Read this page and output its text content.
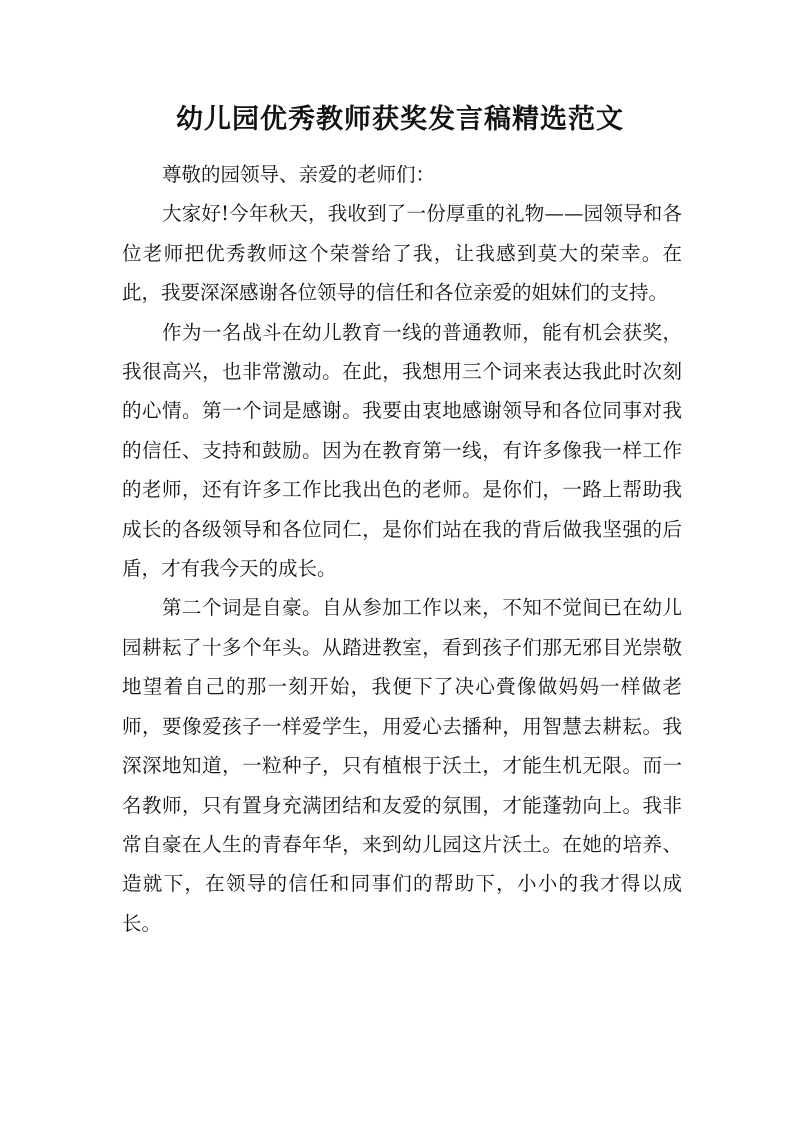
幼儿园优秀教师获奖发言稿精选范文

尊敬的园领导、亲爱的老师们：

大家好!今年秋天，我收到了一份厚重的礼物——园领导和各位老师把优秀教师这个荣誉给了我，让我感到莫大的荣幸。在此，我要深深感谢各位领导的信任和各位亲爱的姐妹们的支持。

作为一名战斗在幼儿教育一线的普通教师，能有机会获奖，我很高兴，也非常激动。在此，我想用三个词来表达我此时次刻的心情。第一个词是感谢。我要由衷地感谢领导和各位同事对我的信任、支持和鼓励。因为在教育第一线，有许多像我一样工作的老师，还有许多工作比我出色的老师。是你们，一路上帮助我成长的各级领导和各位同仁，是你们站在我的背后做我坚强的后盾，才有我今天的成长。

第二个词是自豪。自从参加工作以来，不知不觉间已在幼儿园耕耘了十多个年头。从踏进教室，看到孩子们那无邪目光崇敬地望着自己的那一刻开始，我便下了决心賫像做妈妈一样做老师，要像爱孩子一样爱学生，用爱心去播种，用智慧去耕耘。我深深地知道，一粒种子，只有植根于沃土，才能生机无限。而一名教师，只有置身充满团结和友爱的氛围，才能蓬勃向上。我非常自豪在人生的青春年华，来到幼儿园这片沃土。在她的培养、造就下，在领导的信任和同事们的帮助下，小小的我才得以成长。
